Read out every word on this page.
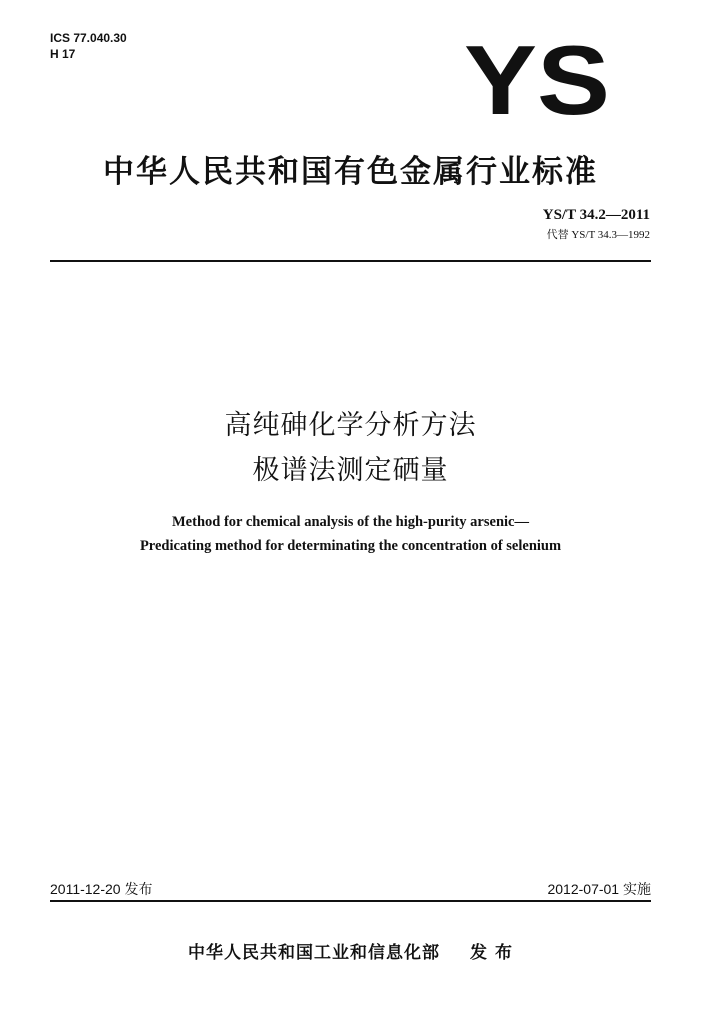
ICS 77.040.30
H 17	YS
中华人民共和国有色金属行业标准
YS/T 34.2—2011
代替 YS/T 34.3—1992
高纯砷化学分析方法
极谱法测定硒量
Method for chemical analysis of the high-purity arsenic—
Predicating method for determinating the concentration of selenium
2011-12-20 发布	2012-07-01 实施
中华人民共和国工业和信息化部 发 布
